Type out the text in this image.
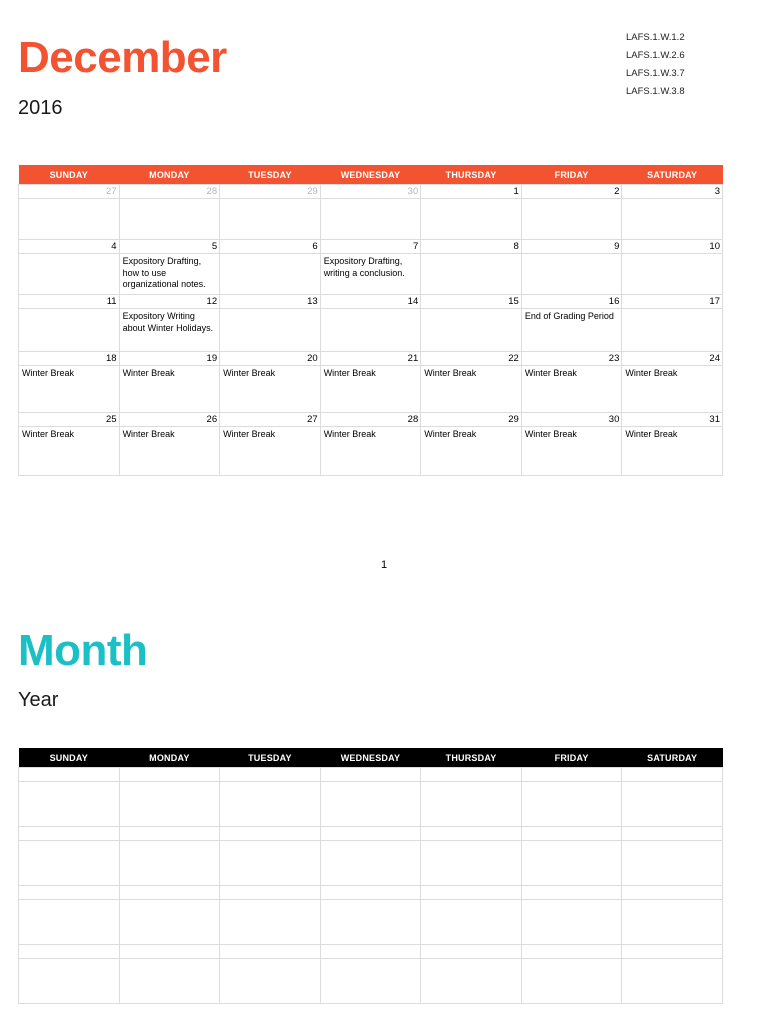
December
2016
LAFS.1.W.1.2
LAFS.1.W.2.6
LAFS.1.W.3.7
LAFS.1.W.3.8
SUNDAY	MONDAY	TUESDAY	WEDNESDAY	THURSDAY	FRIDAY	SATURDAY
27	28	29	30	1	2	3

4	5	6	7	8	9	10
	Expository Drafting, how to use organizational notes.		Expository Drafting, writing a conclusion.			
11	12	13	14	15	16	17
	Expository Writing about Winter Holidays.				End of Grading Period	
18	19	20	21	22	23	24
Winter Break	Winter Break	Winter Break	Winter Break	Winter Break	Winter Break	Winter Break
25	26	27	28	29	30	31
Winter Break	Winter Break	Winter Break	Winter Break	Winter Break	Winter Break	Winter Break
1
Month
Year
SUNDAY	MONDAY	TUESDAY	WEDNESDAY	THURSDAY	FRIDAY	SATURDAY
